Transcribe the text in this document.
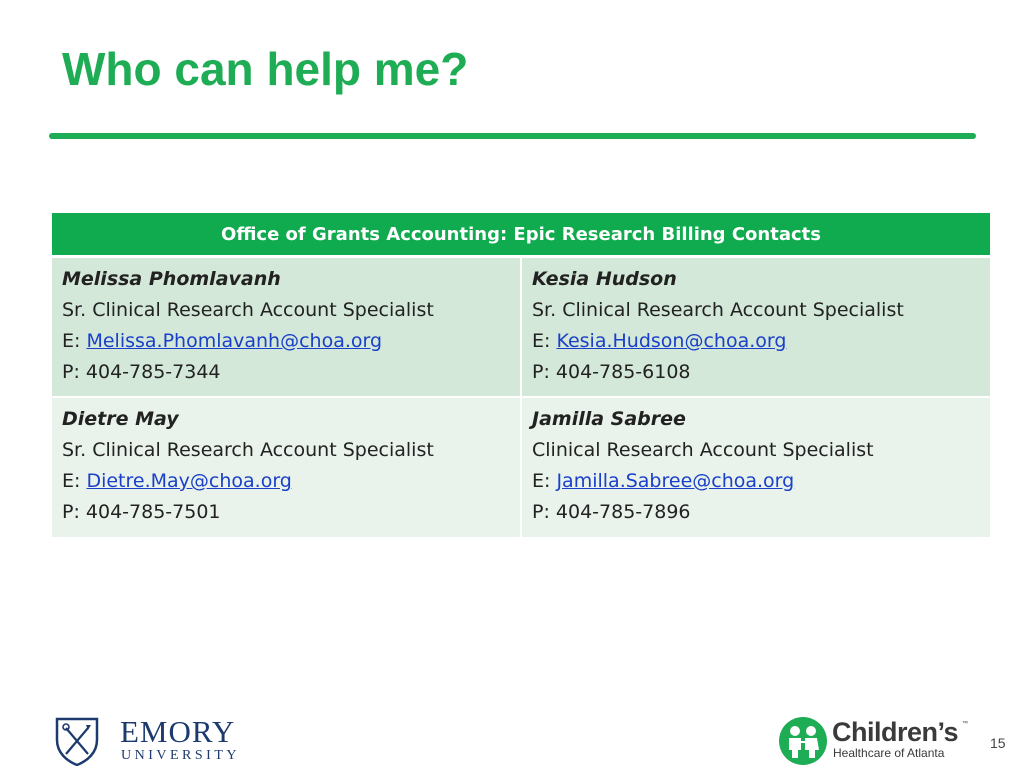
Who can help me?
Office of Grants Accounting: Epic Research Billing Contacts	

Melissa Phomlavanh
Sr. Clinical Research Account Specialist
E: Melissa.Phomlavanh@choa.org
P: 404-785-7344	Kesia Hudson
Sr. Clinical Research Account Specialist
E: Kesia.Hudson@choa.org
P: 404-785-6108

Dietre May
Sr. Clinical Research Account Specialist
E: Dietre.May@choa.org
P: 404-785-7501	Jamilla Sabree
Clinical Research Account Specialist
E: Jamilla.Sabree@choa.org
P: 404-785-7896
EMORY
UNIVERSITY
Children’s ™
Healthcare of Atlanta
15
